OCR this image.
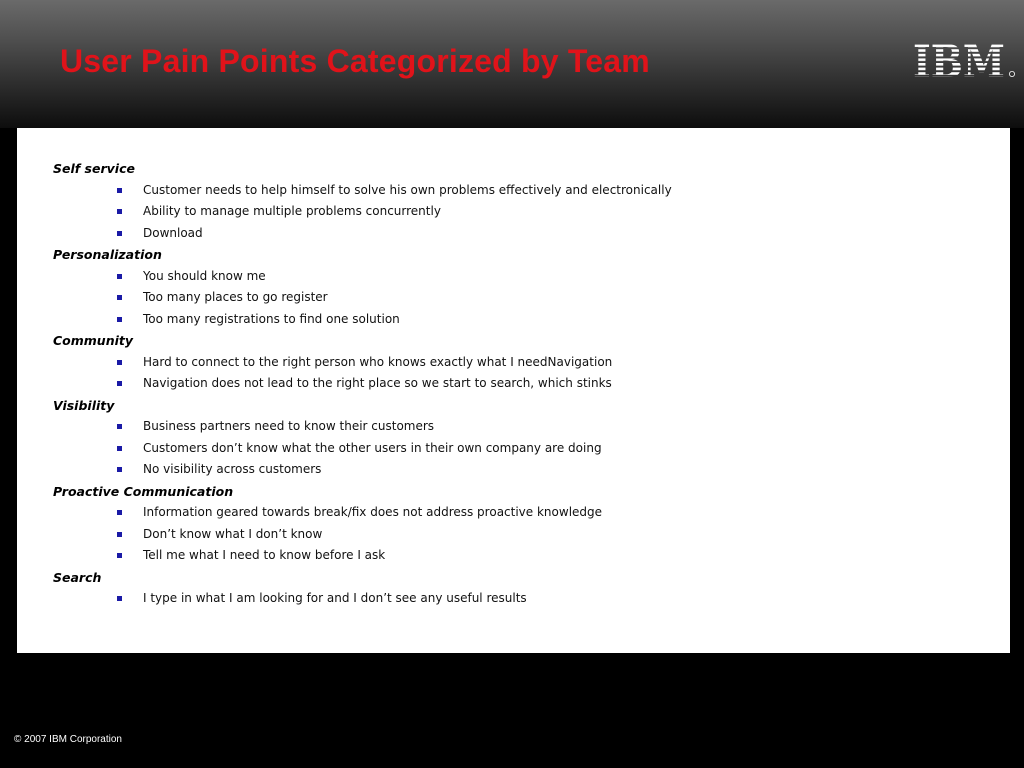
User Pain Points Categorized by Team	IBM
Self service
Customer needs to help himself to solve his own problems effectively and electronically
Ability to manage multiple problems concurrently
Download
Personalization
You should know me
Too many places to go register
Too many registrations to find one solution
Community
Hard to connect to the right person who knows exactly what I needNavigation
Navigation does not lead to the right place so we start to search, which stinks
Visibility
Business partners need to know their customers
Customers don’t know what the other users in their own company are doing
No visibility across customers
Proactive Communication
Information geared towards break/fix does not address proactive knowledge
Don’t know what I don’t know
Tell me what I need to know before I ask
Search
I type in what I am looking for and I don’t see any useful results
© 2007 IBM Corporation
